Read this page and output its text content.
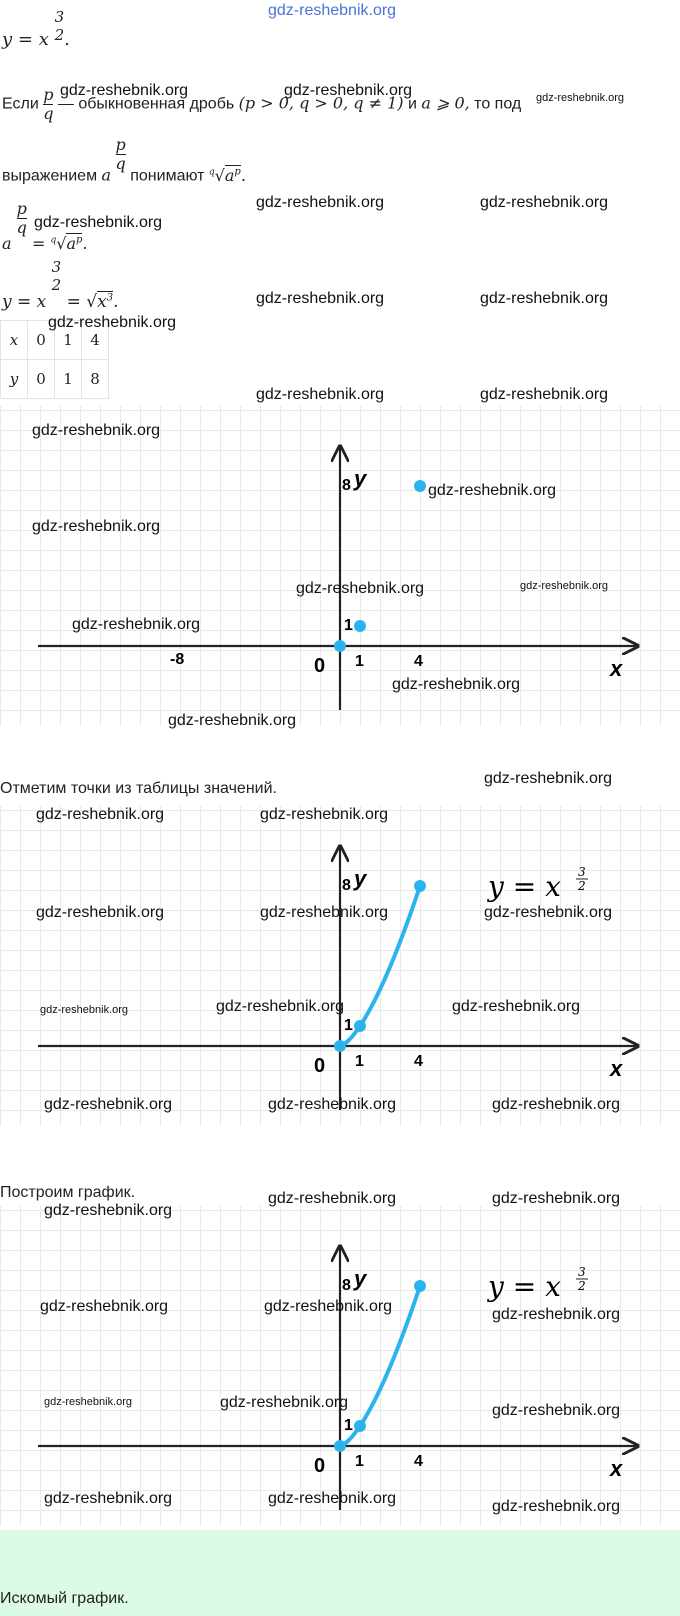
gdz-reshebnik.org
y = x
3
2 .
Если $\frac{p}{q}$ — обыкновенная дробь (p > 0, q > 0, q ≠ 1) и a ⩾ 0, то под
выражением a
$\frac{p}{q}$
понимают $^q√a^p$.
a
$\frac{p}{q}$
= $^q√a^p$.
y = x
3
2
= $√x^3$.
x	0	1	4
y	0	1	8
y
x
8
1
0 1	4
-8
Отметим точки из таблицы значений.
y
x
8
1
0 1	4
y = x 3
2
Построим график.
y
x
8
1
0 1	4
y = x 3
2
Искомый график.
gdz-reshebnik.org	gdz-reshebnik.org	gdz-reshebnik.org
gdz-reshebnik.org
gdz-reshebnik.org	gdz-reshebnik.org
gdz-reshebnik.org	gdz-reshebnik.org
gdz-reshebnik.org
gdz-reshebnik.org	gdz-reshebnik.org
gdz-reshebnik.org
gdz-reshebnik.org
gdz-reshebnik.org
gdz-reshebnik.org	gdz-reshebnik.org
gdz-reshebnik.org
gdz-reshebnik.org
gdz-reshebnik.org
gdz-reshebnik.org
gdz-reshebnik.org	gdz-reshebnik.org
gdz-reshebnik.org	gdz-reshebnik.org	gdz-reshebnik.org
gdz-reshebnik.org	gdz-reshebnik.org	gdz-reshebnik.org
gdz-reshebnik.org	gdz-reshebnik.org	gdz-reshebnik.org
gdz-reshebnik.org	gdz-reshebnik.org
gdz-reshebnik.org
gdz-reshebnik.org	gdz-reshebnik.org	gdz-reshebnik.org
gdz-reshebnik.org	gdz-reshebnik.org	gdz-reshebnik.org
gdz-reshebnik.org	gdz-reshebnik.org	gdz-reshebnik.org
